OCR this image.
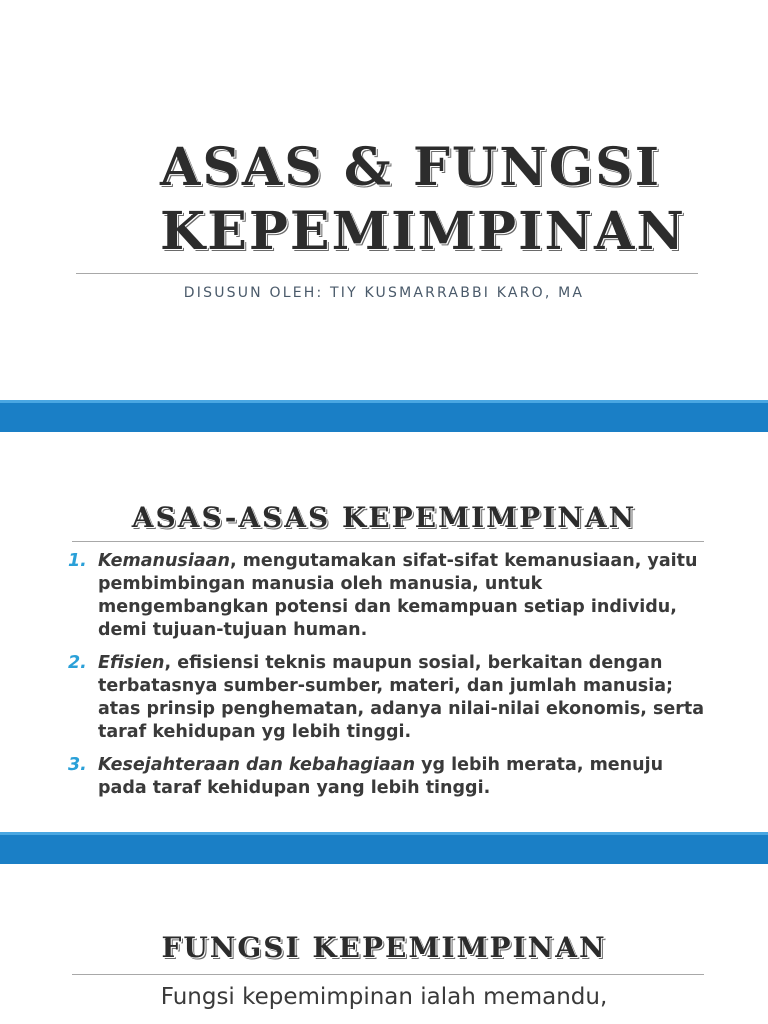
ASAS & FUNGSI
KEPEMIMPINAN
DISUSUN OLEH: TIY KUSMARRABBI KARO, MA
ASAS-ASAS KEPEMIMPINAN
1. Kemanusiaan, mengutamakan sifat-sifat kemanusiaan, yaitu pembimbingan manusia oleh manusia, untuk mengembangkan potensi dan kemampuan setiap individu, demi tujuan-tujuan human.
2. Efisien, efisiensi teknis maupun sosial, berkaitan dengan terbatasnya sumber-sumber, materi, dan jumlah manusia; atas prinsip penghematan, adanya nilai-nilai ekonomis, serta taraf kehidupan yg lebih tinggi.
3. Kesejahteraan dan kebahagiaan yg lebih merata, menuju pada taraf kehidupan yang lebih tinggi.
FUNGSI KEPEMIMPINAN
Fungsi kepemimpinan ialah memandu,
